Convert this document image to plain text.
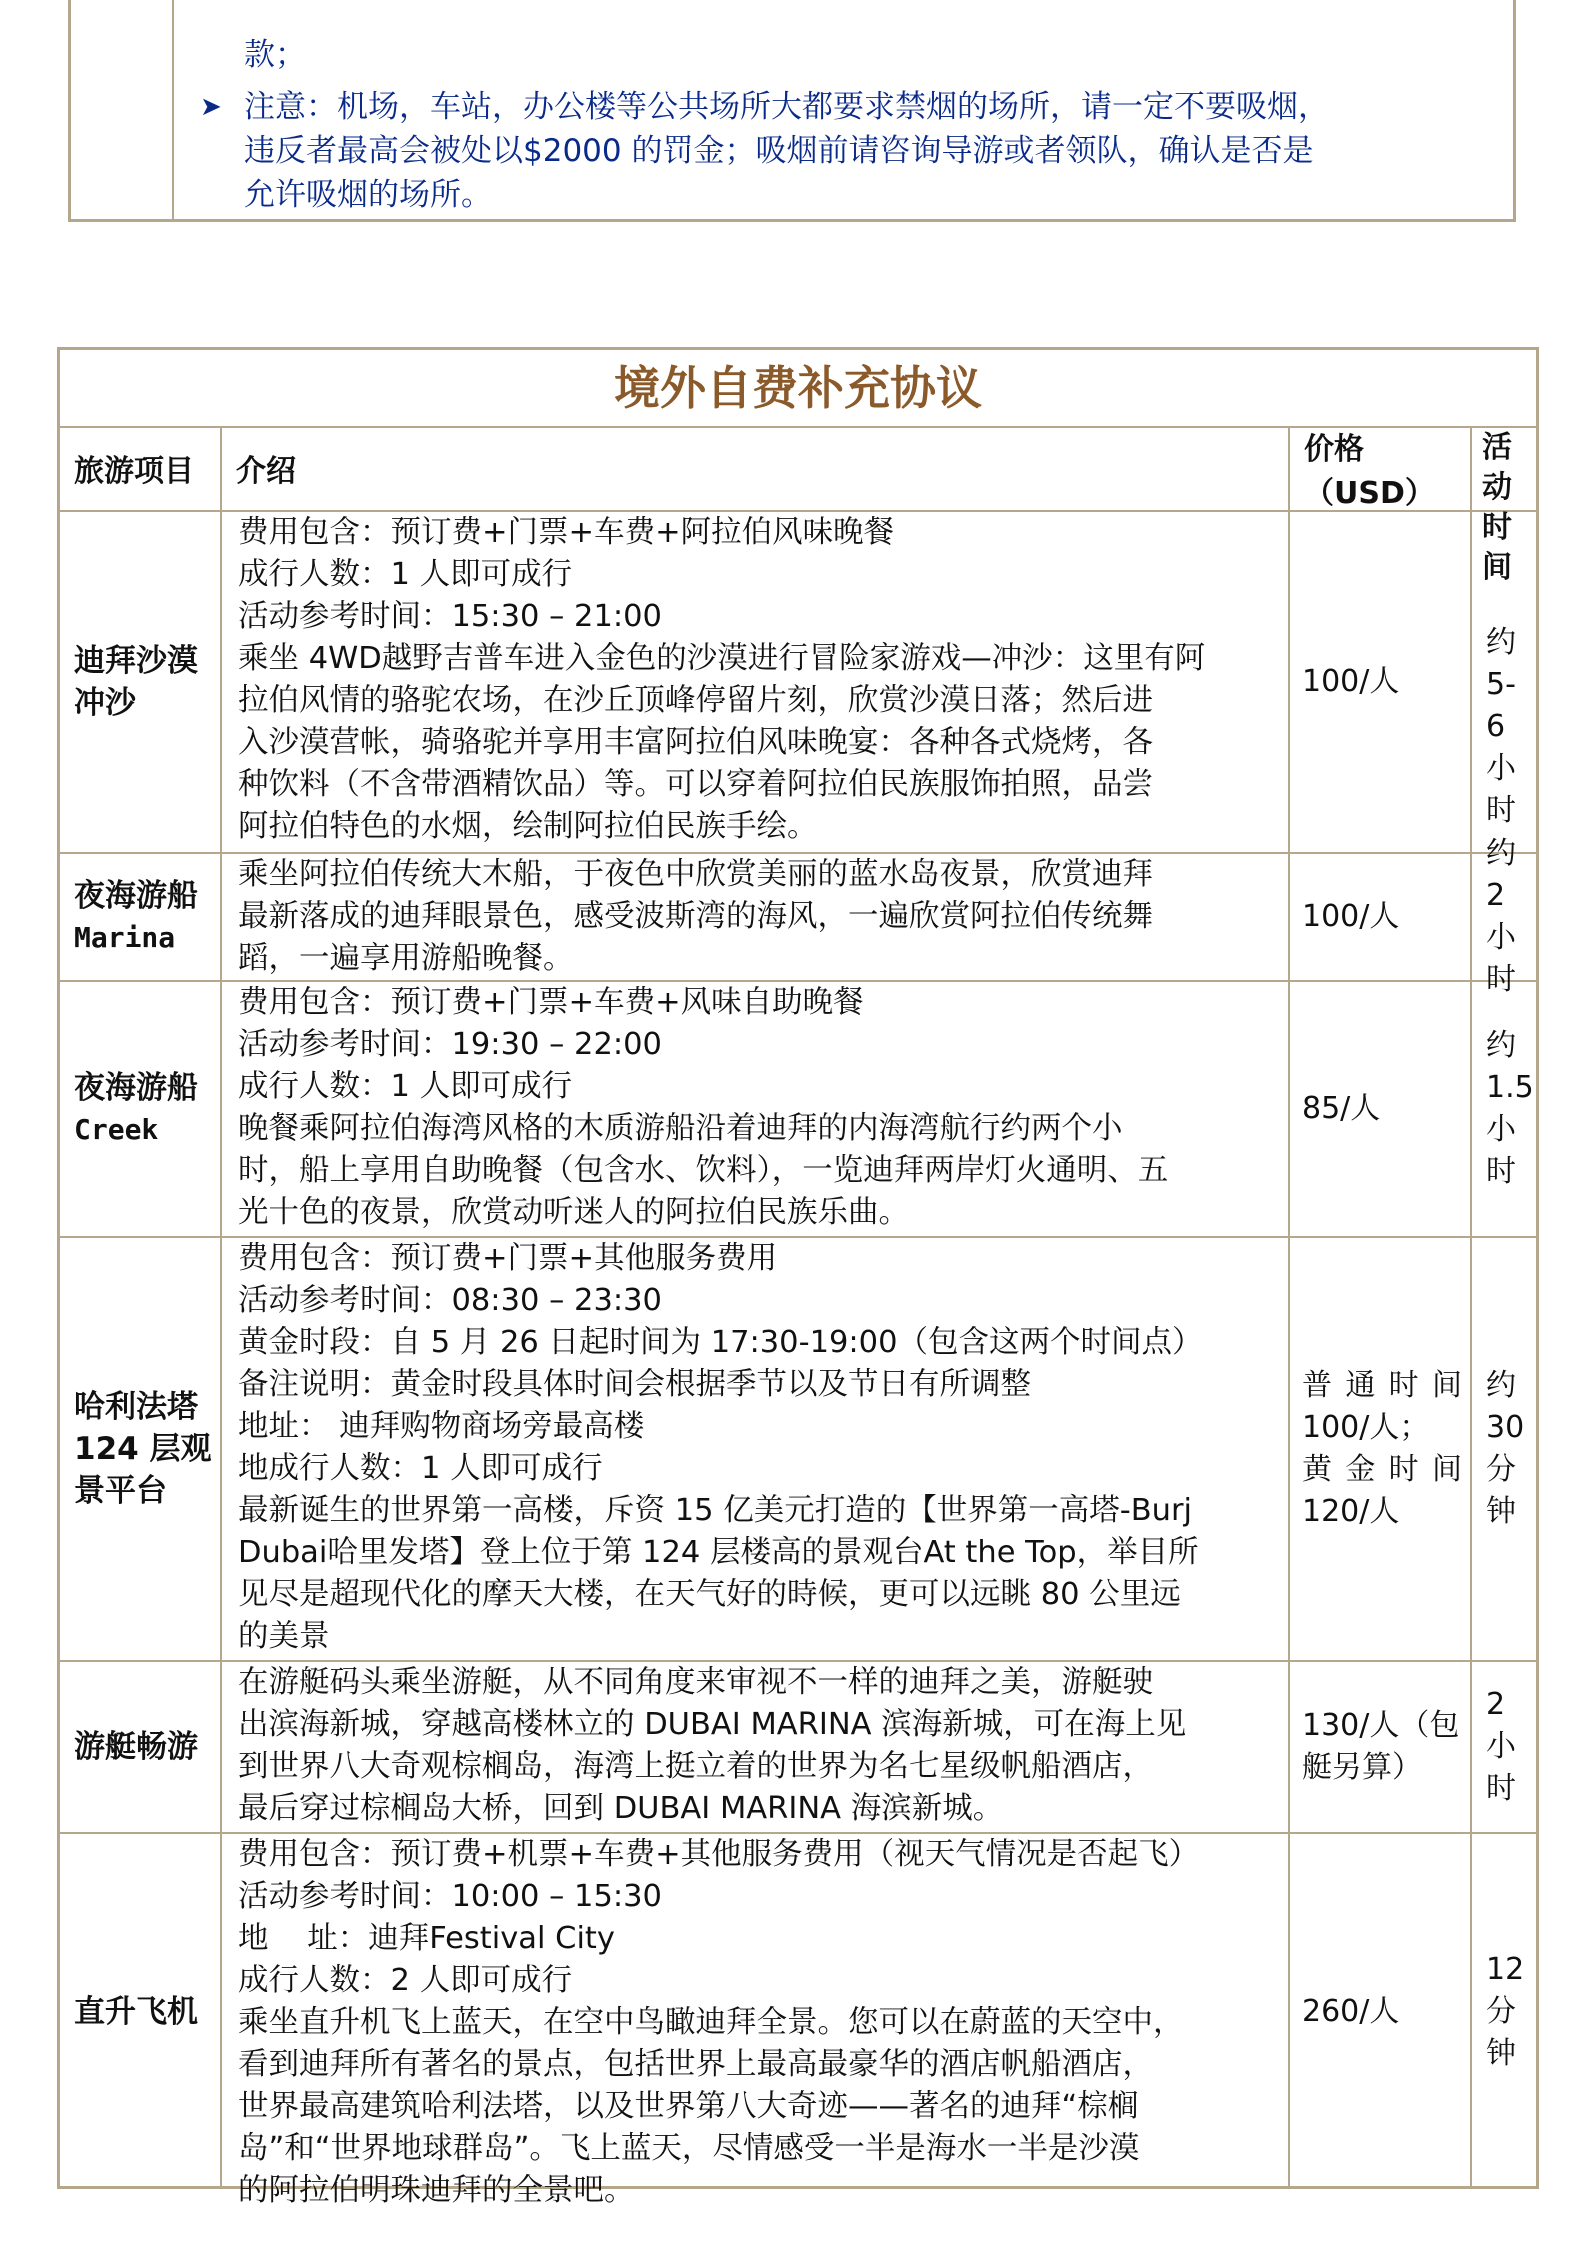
款；
➤ 注意：机场，车站，办公楼等公共场所大都要求禁烟的场所，请一定不要吸烟，
违反者最高会被处以$2000 的罚金；吸烟前请咨询导游或者领队，确认是否是
允许吸烟的场所。
境外自费补充协议
旅游项目	介绍
价格（USD）
活动时
间
迪拜沙漠
冲沙
费用包含：预订费+门票+车费+阿拉伯风味晚餐
成行人数：1 人即可成行
活动参考时间：15:30 – 21:00
乘坐 4WD越野吉普车进入金色的沙漠进行冒险家游戏—冲沙：这里有阿
拉伯风情的骆驼农场，在沙丘顶峰停留片刻，欣赏沙漠日落；然后进
入沙漠营帐，骑骆驼并享用丰富阿拉伯风味晚宴：各种各式烧烤，各
种饮料（不含带酒精饮品）等。可以穿着阿拉伯民族服饰拍照，品尝
阿拉伯特色的水烟，绘制阿拉伯民族手绘。
100/人
约 5-6
小时
夜海游船
Marina
乘坐阿拉伯传统大木船，于夜色中欣赏美丽的蓝水岛夜景，欣赏迪拜
最新落成的迪拜眼景色，感受波斯湾的海风，一遍欣赏阿拉伯传统舞
蹈，一遍享用游船晚餐。
100/人
约 2 小
时
夜海游船
Creek
费用包含：预订费+门票+车费+风味自助晚餐
活动参考时间：19:30 – 22:00
成行人数：1 人即可成行
晚餐乘阿拉伯海湾风格的木质游船沿着迪拜的内海湾航行约两个小
时，船上享用自助晚餐（包含水、饮料），一览迪拜两岸灯火通明、五
光十色的夜景，欣赏动听迷人的阿拉伯民族乐曲。
85/人
约 1.5
小时
哈利法塔
124 层观
景平台
费用包含：预订费+门票+其他服务费用
活动参考时间：08:30 – 23:30
黄金时段：自 5 月 26 日起时间为 17:30-19:00（包含这两个时间点）
备注说明：黄金时段具体时间会根据季节以及节日有所调整
地址： 迪拜购物商场旁最高楼
地成行人数：1 人即可成行
最新诞生的世界第一高楼，斥资 15 亿美元打造的【世界第一高塔-Burj
Dubai哈里发塔】登上位于第 124 层楼高的景观台At the Top，举目所
见尽是超现代化的摩天大楼，在天气好的時候，更可以远眺 80 公里远
的美景
普通时间
100/人；
黄金时间
120/人
约 30
分钟
游艇畅游
在游艇码头乘坐游艇，从不同角度来审视不一样的迪拜之美，游艇驶
出滨海新城，穿越高楼林立的 DUBAI MARINA 滨海新城，可在海上见
到世界八大奇观棕榈岛，海湾上挺立着的世界为名七星级帆船酒店，
最后穿过棕榈岛大桥，回到 DUBAI MARINA 海滨新城。
130/人（包
艇另算）
2 小时
直升飞机
费用包含：预订费+机票+车费+其他服务费用（视天气情况是否起飞）
活动参考时间：10:00 – 15:30
地    址：迪拜Festival City
成行人数：2 人即可成行
乘坐直升机飞上蓝天，在空中鸟瞰迪拜全景。您可以在蔚蓝的天空中，
看到迪拜所有著名的景点，包括世界上最高最豪华的酒店帆船酒店，
世界最高建筑哈利法塔，以及世界第八大奇迹——著名的迪拜“棕榈
岛”和“世界地球群岛”。飞上蓝天，尽情感受一半是海水一半是沙漠
的阿拉伯明珠迪拜的全景吧。
260/人
12 分钟
